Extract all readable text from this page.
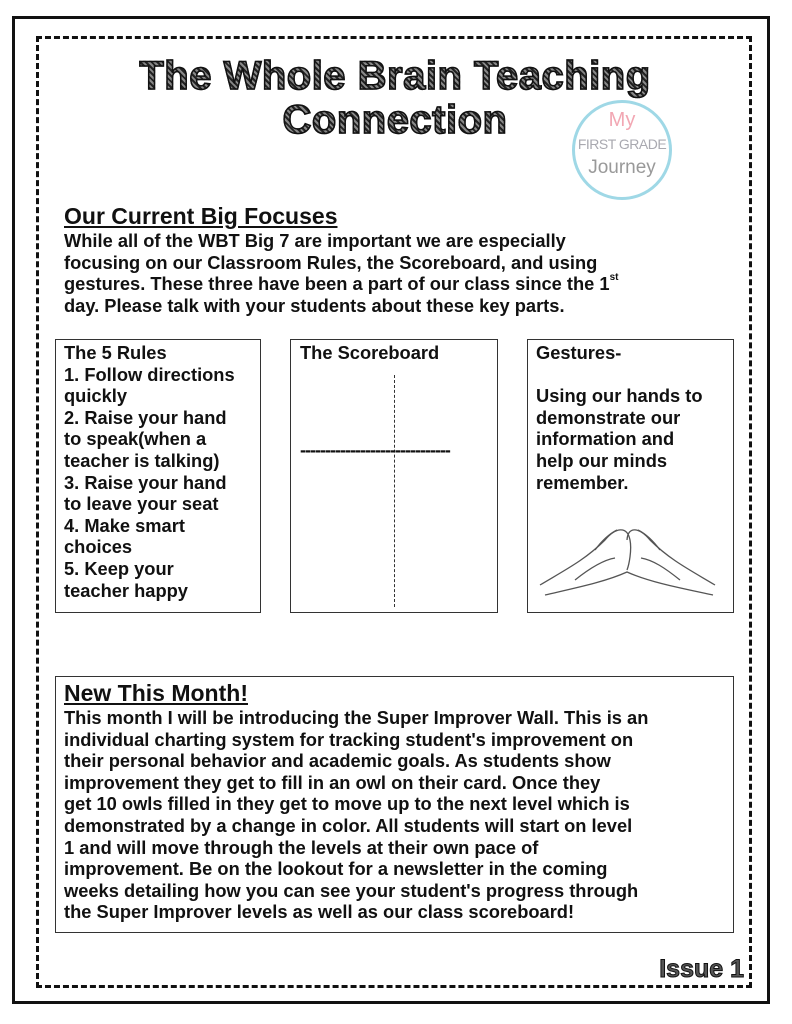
The Whole Brain Teaching
Connection	My
FIRST GRADE
Journey
Our Current Big Focuses
While all of the WBT Big 7 are important we are especially
focusing on our Classroom Rules, the Scoreboard, and using
gestures. These three have been a part of our class since the 1st
day. Please talk with your students about these key parts.
The 5 Rules
1. Follow directions
quickly
2. Raise your hand
to speak(when a
teacher is talking)
3. Raise your hand
to leave your seat
4. Make smart
choices
5. Keep your
teacher happy
The Scoreboard
------------------------------
Gestures-
Using our hands to
demonstrate our
information and
help our minds
remember.
New This Month!
This month I will be introducing the Super Improver Wall. This is an
individual charting system for tracking student's improvement on
their personal behavior and academic goals. As students show
improvement they get to fill in an owl on their card. Once they
get 10 owls filled in they get to move up to the next level which is
demonstrated by a change in color. All students will start on level
1 and will move through the levels at their own pace of
improvement. Be on the lookout for a newsletter in the coming
weeks detailing how you can see your student's progress through
the Super Improver levels as well as our class scoreboard!
Issue 1
